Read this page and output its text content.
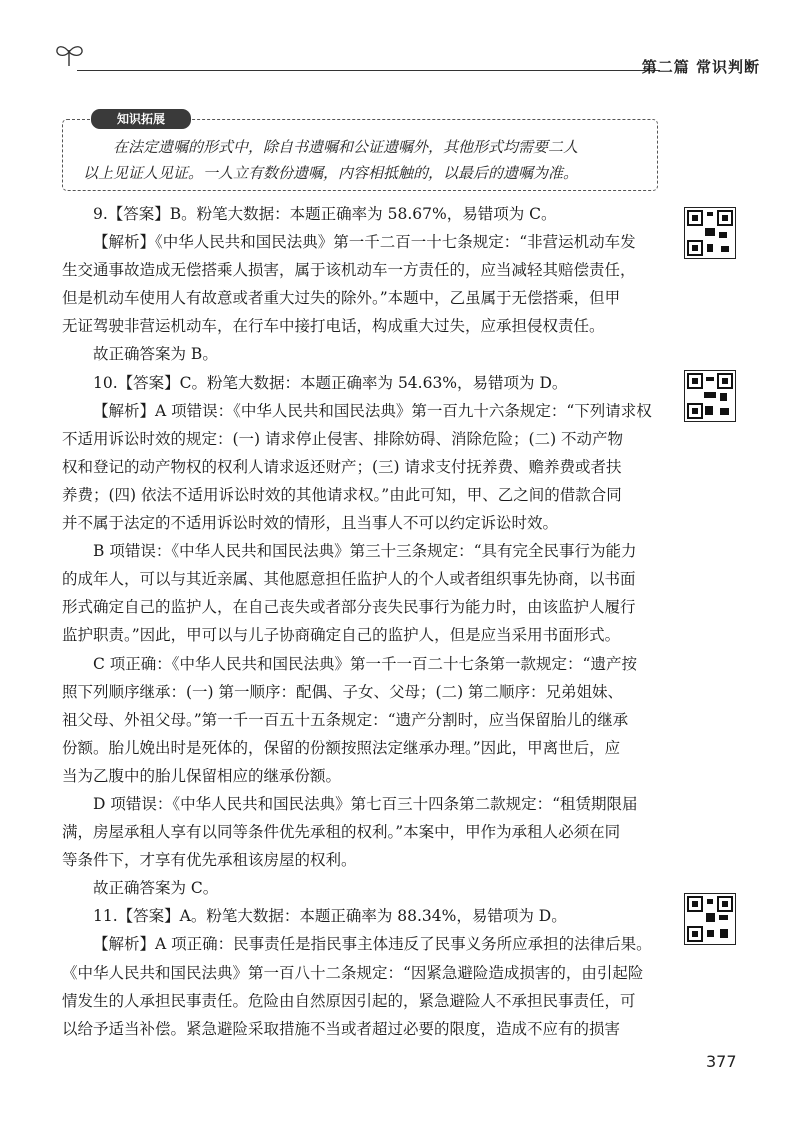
第二篇 常识判断
知识拓展

在法定遗嘱的形式中，除自书遗嘱和公证遗嘱外，其他形式均需要二人

以上见证人见证。一人立有数份遗嘱，内容相抵触的，以最后的遗嘱为准。

9.【答案】B。粉笔大数据：本题正确率为 58.67%，易错项为 C。

【解析】《中华人民共和国民法典》第一千二百一十七条规定：“非营运机动车发

生交通事故造成无偿搭乘人损害，属于该机动车一方责任的，应当减轻其赔偿责任，

但是机动车使用人有故意或者重大过失的除外。”本题中，乙虽属于无偿搭乘，但甲

无证驾驶非营运机动车，在行车中接打电话，构成重大过失，应承担侵权责任。

故正确答案为 B。

10.【答案】C。粉笔大数据：本题正确率为 54.63%，易错项为 D。

【解析】A 项错误：《中华人民共和国民法典》第一百九十六条规定：“下列请求权

不适用诉讼时效的规定：(一) 请求停止侵害、排除妨碍、消除危险；(二) 不动产物

权和登记的动产物权的权利人请求返还财产；(三) 请求支付抚养费、赡养费或者扶

养费；(四) 依法不适用诉讼时效的其他请求权。”由此可知，甲、乙之间的借款合同

并不属于法定的不适用诉讼时效的情形，且当事人不可以约定诉讼时效。

B 项错误：《中华人民共和国民法典》第三十三条规定：“具有完全民事行为能力

的成年人，可以与其近亲属、其他愿意担任监护人的个人或者组织事先协商，以书面

形式确定自己的监护人，在自己丧失或者部分丧失民事行为能力时，由该监护人履行

监护职责。”因此，甲可以与儿子协商确定自己的监护人，但是应当采用书面形式。

C 项正确：《中华人民共和国民法典》第一千一百二十七条第一款规定：“遗产按

照下列顺序继承：(一) 第一顺序：配偶、子女、父母；(二) 第二顺序：兄弟姐妹、

祖父母、外祖父母。”第一千一百五十五条规定：“遗产分割时，应当保留胎儿的继承

份额。胎儿娩出时是死体的，保留的份额按照法定继承办理。”因此，甲离世后，应

当为乙腹中的胎儿保留相应的继承份额。

D 项错误：《中华人民共和国民法典》第七百三十四条第二款规定：“租赁期限届

满，房屋承租人享有以同等条件优先承租的权利。”本案中，甲作为承租人必须在同

等条件下，才享有优先承租该房屋的权利。

故正确答案为 C。

11.【答案】A。粉笔大数据：本题正确率为 88.34%，易错项为 D。

【解析】A 项正确：民事责任是指民事主体违反了民事义务所应承担的法律后果。

《中华人民共和国民法典》第一百八十二条规定：“因紧急避险造成损害的，由引起险

情发生的人承担民事责任。危险由自然原因引起的，紧急避险人不承担民事责任，可

以给予适当补偿。紧急避险采取措施不当或者超过必要的限度，造成不应有的损害

377
